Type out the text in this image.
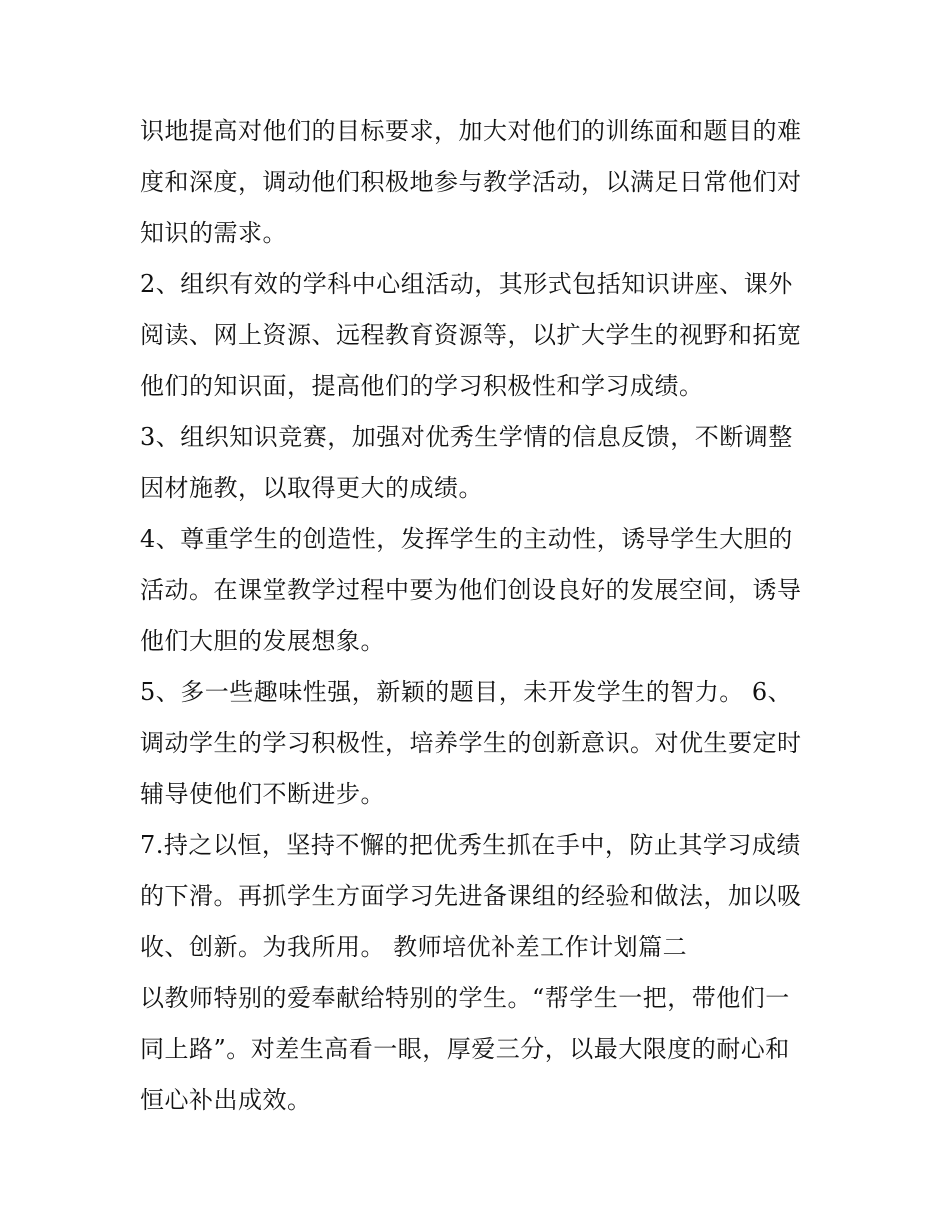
识地提高对他们的目标要求，加大对他们的训练面和题目的难
度和深度，调动他们积极地参与教学活动，以满足日常他们对
知识的需求。
2、组织有效的学科中心组活动，其形式包括知识讲座、课外
阅读、网上资源、远程教育资源等，以扩大学生的视野和拓宽
他们的知识面，提高他们的学习积极性和学习成绩。
3、组织知识竞赛，加强对优秀生学情的信息反馈，不断调整
因材施教，以取得更大的成绩。
4、尊重学生的创造性，发挥学生的主动性，诱导学生大胆的
活动。在课堂教学过程中要为他们创设良好的发展空间，诱导
他们大胆的发展想象。
5、多一些趣味性强，新颖的题目，未开发学生的智力。 6、
调动学生的学习积极性，培养学生的创新意识。对优生要定时
辅导使他们不断进步。
7.持之以恒，坚持不懈的把优秀生抓在手中，防止其学习成绩
的下滑。再抓学生方面学习先进备课组的经验和做法，加以吸
收、创新。为我所用。 教师培优补差工作计划篇二
以教师特别的爱奉献给特别的学生。“帮学生一把，带他们一
同上路”。对差生高看一眼，厚爱三分，以最大限度的耐心和
恒心补出成效。
